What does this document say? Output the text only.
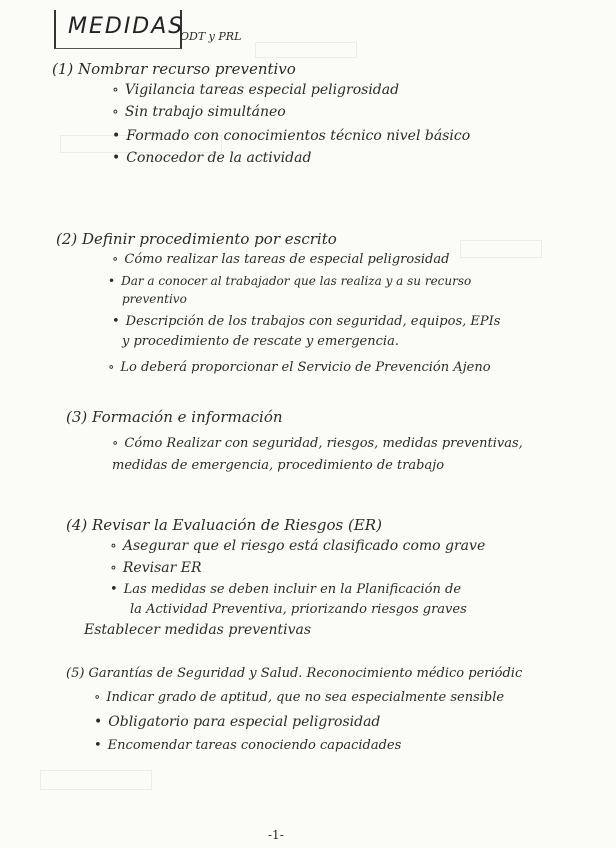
MEDIDAS
ODT y PRL
(1) Nombrar recurso preventivo
∘ Vigilancia tareas especial peligrosidad
∘ Sin trabajo simultáneo
• Formado con conocimientos técnico nivel básico
• Conocedor de la actividad
(2) Definir procedimiento por escrito
∘ Cómo realizar las tareas de especial peligrosidad
• Dar a conocer al trabajador que las realiza y a su recurso
preventivo
• Descripción de los trabajos con seguridad, equipos, EPIs
y procedimiento de rescate y emergencia.
∘ Lo deberá proporcionar el Servicio de Prevención Ajeno
(3) Formación e información
∘ Cómo Realizar con seguridad, riesgos, medidas preventivas,
medidas de emergencia, procedimiento de trabajo
(4) Revisar la Evaluación de Riesgos (ER)
∘ Asegurar que el riesgo está clasificado como grave
∘ Revisar ER
• Las medidas se deben incluir en la Planificación de
la Actividad Preventiva, priorizando riesgos graves
Establecer medidas preventivas
(5) Garantías de Seguridad y Salud. Reconocimiento médico periódic
∘ Indicar grado de aptitud, que no sea especialmente sensible
• Obligatorio para especial peligrosidad
• Encomendar tareas conociendo capacidades
-1-
